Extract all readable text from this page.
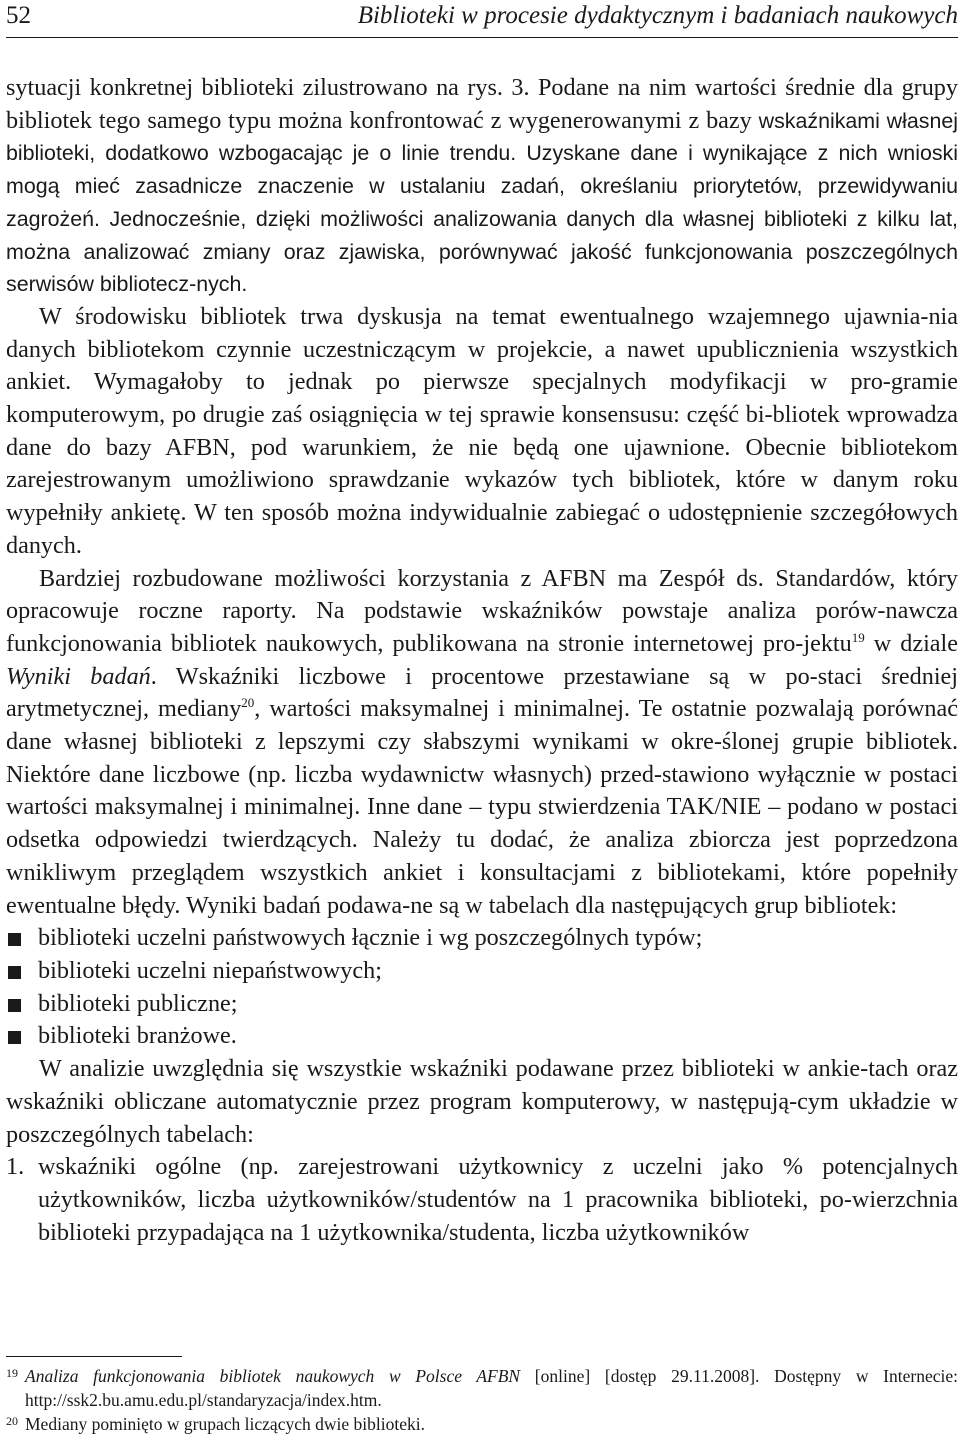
52	Biblioteki w procesie dydaktycznym i badaniach naukowych

sytuacji konkretnej biblioteki zilustrowano na rys. 3. Podane na nim wartości średnie dla grupy bibliotek tego samego typu można konfrontować z wygenerowanymi z bazy wskaźnikami własnej biblioteki, dodatkowo wzbogacając je o linie trendu. Uzyskane dane i wynikające z nich wnioski mogą mieć zasadnicze znaczenie w ustalaniu zadań, określaniu priorytetów, przewidywaniu zagrożeń. Jednocześnie, dzięki możliwości analizowania danych dla własnej biblioteki z kilku lat, można analizować zmiany oraz zjawiska, porównywać jakość funkcjonowania poszczególnych serwisów bibliotecz-nych.

W środowisku bibliotek trwa dyskusja na temat ewentualnego wzajemnego ujawnia-nia danych bibliotekom czynnie uczestniczącym w projekcie, a nawet upublicznienia wszystkich ankiet. Wymagałoby to jednak po pierwsze specjalnych modyfikacji w pro-gramie komputerowym, po drugie zaś osiągnięcia w tej sprawie konsensusu: część bi-bliotek wprowadza dane do bazy AFBN, pod warunkiem, że nie będą one ujawnione. Obecnie bibliotekom zarejestrowanym umożliwiono sprawdzanie wykazów tych bibliotek, które w danym roku wypełniły ankietę. W ten sposób można indywidualnie zabiegać o udostępnienie szczegółowych danych.

Bardziej rozbudowane możliwości korzystania z AFBN ma Zespół ds. Standardów, który opracowuje roczne raporty. Na podstawie wskaźników powstaje analiza porów-nawcza funkcjonowania bibliotek naukowych, publikowana na stronie internetowej pro-jektu$^{19}$ w dziale Wyniki badań. Wskaźniki liczbowe i procentowe przestawiane są w po-staci średniej arytmetycznej, mediany$^{20}$, wartości maksymalnej i minimalnej. Te ostatnie pozwalają porównać dane własnej biblioteki z lepszymi czy słabszymi wynikami w okre-ślonej grupie bibliotek. Niektóre dane liczbowe (np. liczba wydawnictw własnych) przed-stawiono wyłącznie w postaci wartości maksymalnej i minimalnej. Inne dane – typu stwierdzenia TAK/NIE – podano w postaci odsetka odpowiedzi twierdzących. Należy tu dodać, że analiza zbiorcza jest poprzedzona wnikliwym przeglądem wszystkich ankiet i konsultacjami z bibliotekami, które popełniły ewentualne błędy. Wyniki badań podawa-ne są w tabelach dla następujących grup bibliotek:

biblioteki uczelni państwowych łącznie i wg poszczególnych typów;
biblioteki uczelni niepaństwowych;
biblioteki publiczne;
biblioteki branżowe.

W analizie uwzględnia się wszystkie wskaźniki podawane przez biblioteki w ankie-tach oraz wskaźniki obliczane automatycznie przez program komputerowy, w następują-cym układzie w poszczególnych tabelach:

1. wskaźniki ogólne (np. zarejestrowani użytkownicy z uczelni jako % potencjalnych użytkowników, liczba użytkowników/studentów na 1 pracownika biblioteki, po-wierzchnia biblioteki przypadająca na 1 użytkownika/studenta, liczba użytkowników
19 Analiza funkcjonowania bibliotek naukowych w Polsce AFBN [online] [dostęp 29.11.2008]. Dostępny w Internecie: http://ssk2.bu.amu.edu.pl/standaryzacja/index.htm.
20 Mediany pominięto w grupach liczących dwie biblioteki.
